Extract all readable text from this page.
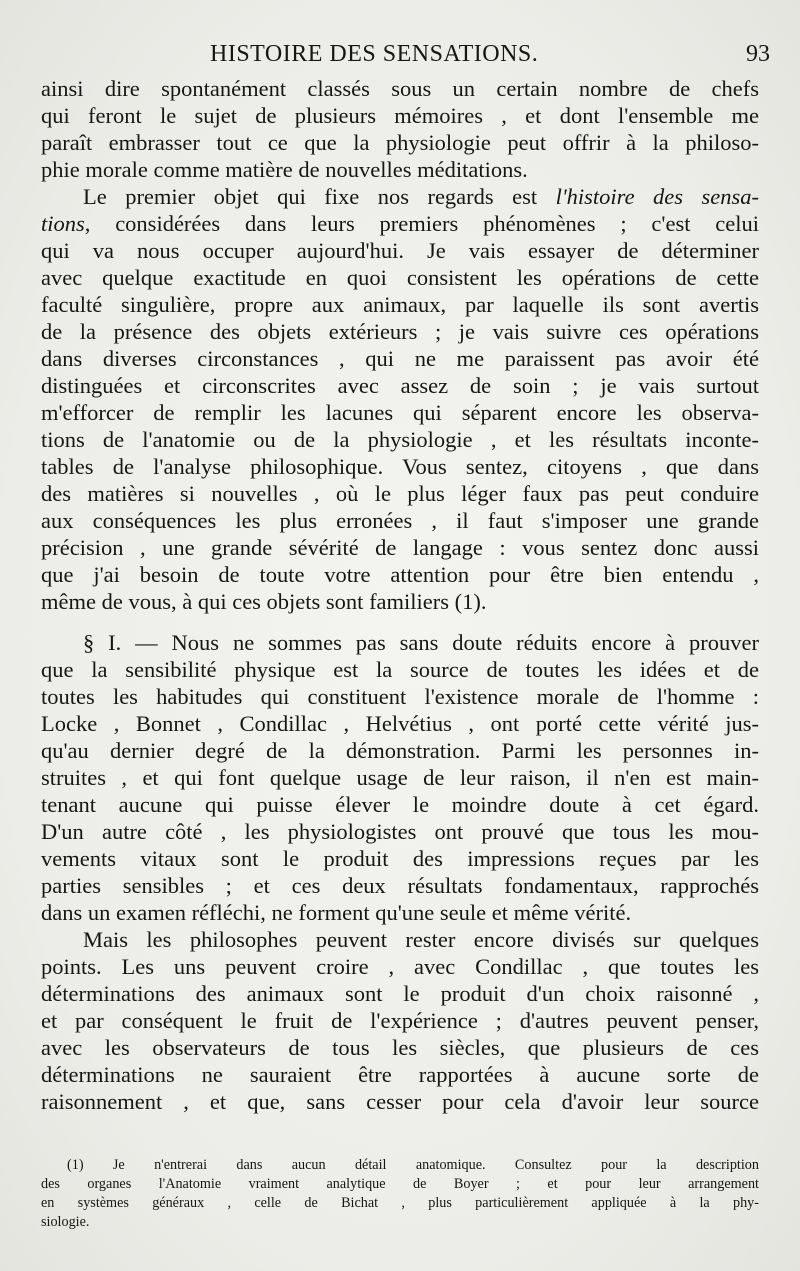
HISTOIRE DES SENSATIONS.	93
ainsi dire spontanément classés sous un certain nombre de chefs
qui feront le sujet de plusieurs mémoires , et dont l'ensemble me
paraît embrasser tout ce que la physiologie peut offrir à la philoso-
phie morale comme matière de nouvelles méditations.
Le premier objet qui fixe nos regards est l'histoire des sensa-
tions, considérées dans leurs premiers phénomènes ; c'est celui
qui va nous occuper aujourd'hui. Je vais essayer de déterminer
avec quelque exactitude en quoi consistent les opérations de cette
faculté singulière, propre aux animaux, par laquelle ils sont avertis
de la présence des objets extérieurs ; je vais suivre ces opérations
dans diverses circonstances , qui ne me paraissent pas avoir été
distinguées et circonscrites avec assez de soin ; je vais surtout
m'efforcer de remplir les lacunes qui séparent encore les observa-
tions de l'anatomie ou de la physiologie , et les résultats inconte-
tables de l'analyse philosophique. Vous sentez, citoyens , que dans
des matières si nouvelles , où le plus léger faux pas peut conduire
aux conséquences les plus erronées , il faut s'imposer une grande
précision , une grande sévérité de langage : vous sentez donc aussi
que j'ai besoin de toute votre attention pour être bien entendu ,
même de vous, à qui ces objets sont familiers (1).
§ I. — Nous ne sommes pas sans doute réduits encore à prouver
que la sensibilité physique est la source de toutes les idées et de
toutes les habitudes qui constituent l'existence morale de l'homme :
Locke , Bonnet , Condillac , Helvétius , ont porté cette vérité jus-
qu'au dernier degré de la démonstration. Parmi les personnes in-
struites , et qui font quelque usage de leur raison, il n'en est main-
tenant aucune qui puisse élever le moindre doute à cet égard.
D'un autre côté , les physiologistes ont prouvé que tous les mou-
vements vitaux sont le produit des impressions reçues par les
parties sensibles ; et ces deux résultats fondamentaux, rapprochés
dans un examen réfléchi, ne forment qu'une seule et même vérité.
Mais les philosophes peuvent rester encore divisés sur quelques
points. Les uns peuvent croire , avec Condillac , que toutes les
déterminations des animaux sont le produit d'un choix raisonné ,
et par conséquent le fruit de l'expérience ; d'autres peuvent penser,
avec les observateurs de tous les siècles, que plusieurs de ces
déterminations ne sauraient être rapportées à aucune sorte de
raisonnement , et que, sans cesser pour cela d'avoir leur source
(1) Je n'entrerai dans aucun détail anatomique. Consultez pour la description
des organes l'Anatomie vraiment analytique de Boyer ; et pour leur arrangement
en systèmes généraux , celle de Bichat , plus particulièrement appliquée à la phy-
siologie.
